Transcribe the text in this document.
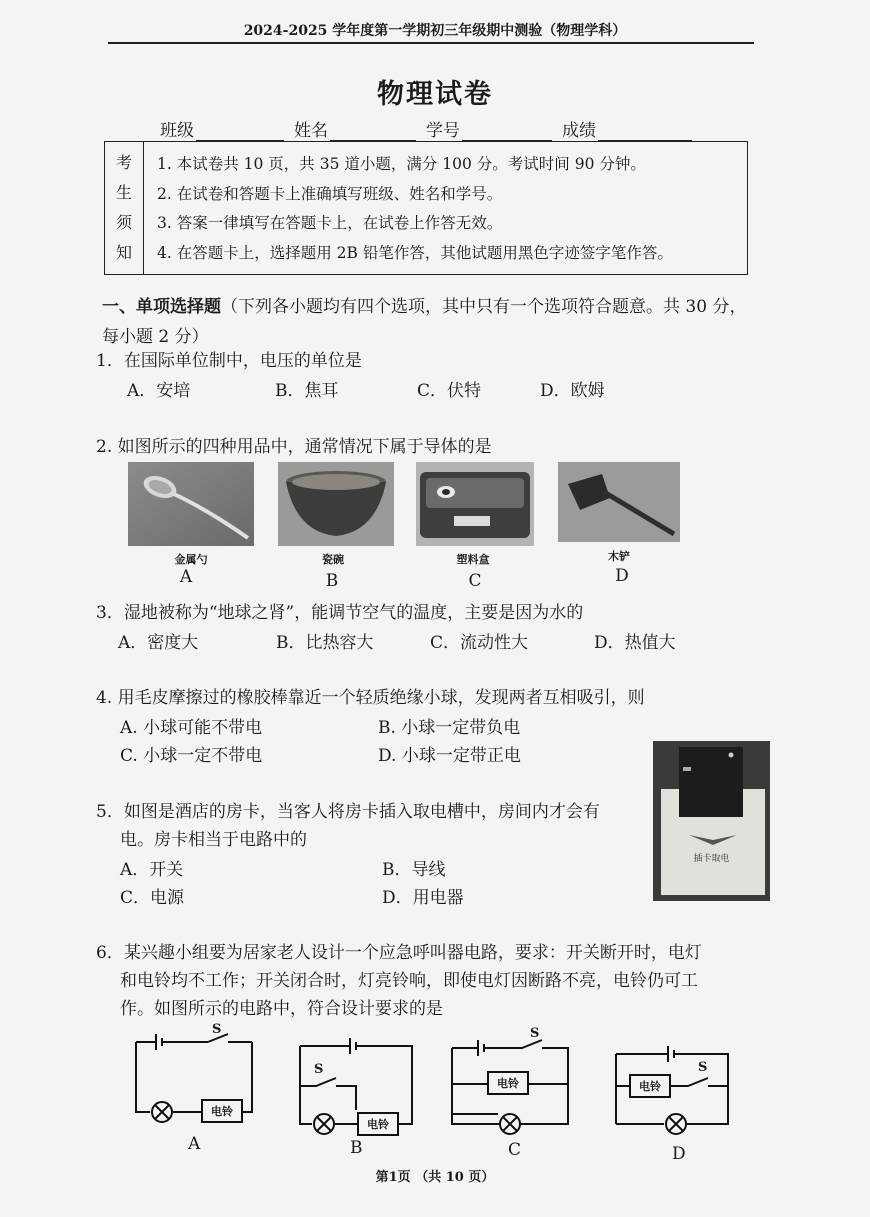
2024-2025 学年度第一学期初三年级期中测验（物理学科）
物理试卷
班级	姓名	学号	成绩
考
生
须
知
1. 本试卷共 10 页，共 35 道小题，满分 100 分。考试时间 90 分钟。
2. 在试卷和答题卡上准确填写班级、姓名和学号。
3. 答案一律填写在答题卡上，在试卷上作答无效。
4. 在答题卡上，选择题用 2B 铅笔作答，其他试题用黑色字迹签字笔作答。
一、单项选择题（下列各小题均有四个选项，其中只有一个选项符合题意。共 30 分，每小题 2 分）
1．在国际单位制中，电压的单位是
A．安培	B．焦耳	C．伏特	D．欧姆
2. 如图所示的四种用品中，通常情况下属于导体的是
金属勺
A
瓷碗
B
塑料盒
C
木铲
D
3．湿地被称为“地球之肾”，能调节空气的温度，主要是因为水的
A．密度大	B．比热容大	C．流动性大	D．热值大
4. 用毛皮摩擦过的橡胶棒靠近一个轻质绝缘小球，发现两者互相吸引，则
A. 小球可能不带电	B. 小球一定带负电
C. 小球一定不带电	D. 小球一定带正电
5．如图是酒店的房卡，当客人将房卡插入取电槽中，房间内才会有
电。房卡相当于电路中的
A．开关	B．导线
C．电源	D．用电器
插卡取电
6．某兴趣小组要为居家老人设计一个应急呼叫器电路，要求：开关断开时，电灯
和电铃均不工作；开关闭合时，灯亮铃响，即使电灯因断路不亮，电铃仍可工
作。如图所示的电路中，符合设计要求的是
S
电铃
A
S
电铃
B
S
电铃
C
S
电铃
D
第1页 （共 10 页）
